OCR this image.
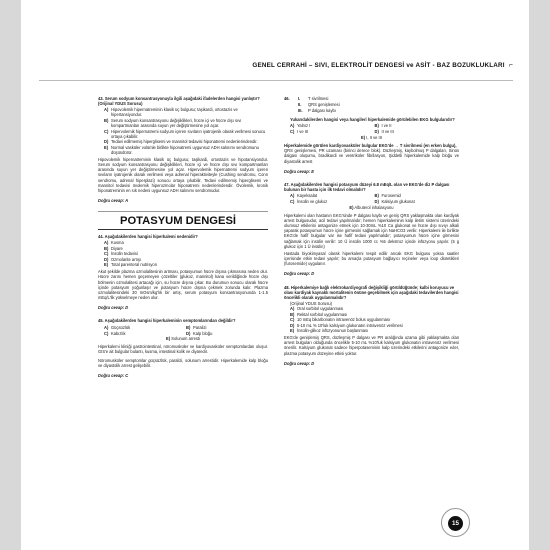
GENEL CERRAHİ – SIVI, ELEKTROLİT DENGESİ ve ASİT - BAZ BOZUKLUKLARI ⌐
43. Serum sodyum konsantrasyonuyla ilgili aşağıdaki ifadelerden hangisi yanlıştır? (Orijinal YDUS Sorusu)
A) Hipovolemik hipernatreminin klasik üç bulgusu; taşikardi, ortostazis ve hipertansiyondur.
B) Serum sodyum konsantrasyonu değişiklikleri, hücre içi ve hücre dışı sıvı kompartmanları arasında suyun yer değiştirmesine yol açar.
C) Hipervolemik hipernatremi sodyum içeren sıvıların iyatrojenik olarak verilmesi sonucu ortaya çıkabilir.
D) Tedavi edilmemiş hiperglisemi ve mannitol tedavisi hiponatremi nedenlerindendir.
E) Normal vasküler volümle birlikte hiponatremi uygunsuz ADH salınımı sendromunu düşündürür.
Hipovolemik hipernatreminin klasik üç bulgusu; taşikardi, ortostazis ve hipotansiyondur. Serum sodyum konsantrasyonu değişiklikleri, hücre içi ve hücre dışı sıvı kompartmanları arasında suyun yer değiştirmesine yol açar. Hipervolemik hipernatremi sodyum içeren sıvıların iyatrojenik olarak verilmesi veya adrenal hiperaktiviteyle (Cushing sendromu, Conn sendromu, adrenal hiperplazi) sonucu ortaya çıkabilir. Tedavi edilmemiş hiperglisemi ve mannitol tedavisi övolemik hiperozmolar hiponatremi nedenlerindendir. Övolemik, kronik hiponatreminin en sık nedeni uygunsuz ADH salınımı sendromudur.
Doğru cevap: A
POTASYUM DENGESİ
44. Aşağıdakilerden hangisi hiperkalemi nedenidir?
A) Kusma
B) Diyare
C) İnsülin tedavisi
D) Ozmolarite artışı
E) Total parenteral nutrisyon
Akut şekilde plazma ozmolalitesinin artması, potasyumun hücre dışına çıkmasına neden olur. Hücre zarını hemen geçemeyen çözeltiler (glukoz, mannitol) kana verildiğinde hücre dışı bölmenin ozmolalitesi artacağı için, su hücre dışına çıkar. Bu durumun sonucu olarak hücre içinde potasyum yoğunlaşır ve potasyum hücre dışına çekmek zorunda kalır. Plazma ozmolalitesindeki 30 mOsm/kg'lık bir artış, serum potasyum konsantrasyonunda 1-1.5 mEq/L'lik yükselmeye neden olur.
Doğru cevap: D
45. Aşağıdakilerden hangisi hiperkaleminin semptomlarından değildir?
A) Güçsüzlük	B) Paralizi
C) Kabızlık	D) Kalp bloğu
E) Solunum arresti
Hiperkalemi kliniği gastrointestinal, nöromusküler ve kardiyovasküler semptomlardan oluşur. GIS'e ait bulgular bulantı, kusma, intestinal kolik ve diyaredir.
Nöromusküler semptomlar güçsüzlük, paralizi, solunum arrestidir. Hiperkalemide kalp bloğu ve diyastolik arrest gelişebilir.
Doğru cevap: C
46.	I. T sivrilmesi
II. QRS genişlemesi
III. P dalgası kaybı
Yukarıdakilerden hangisi veya hangileri hiperkalemide görülebilen EKG bulgularıdır?
A) Yalnız I	B) I ve II
C) I ve III	D) II ve III
E) I, II ve III
Hiperkalemide görülen kardiyovasküler bulgular EKG'de → T sivrilmesi (en erken bulgu),
QRS genişlemesi, PR uzaması (birinci derece blok). Düzleşmiş, kaybolmuş P dalgaları, Sinüs dalgası oluşumu, bradikardi ve ventriküler fibrilasyon, Şiddetli hiperkalemide kalp bloğu ve diyastolik arrest
Doğru cevap: E
47. Aşağıdakilerden hangisi potasyum düzeyi 6.8 mEq/L olan ve EKG'de diz P dalgası bulunan bir hasta için ilk tedavi olmalıdır?
A) Kayeksalat	B) Furosemid
C) İnsülin ve glukoz	D) Kalsiyum glukonat
E) Albuterol inhalasyonu
Hiperkalemi olan hastanın EKG'sinde P dalgası kaybı ve geniş QRS yaklaşmakta olan kardiyak arrest bulgusudur, acil tedavi yapılmalıdır; hemen hiperkaleminin kalp iletim sistemi üzerindeki olumsuz etkilerini antagonize etmek için 10-30mL %10 Ca glukonat ve hücre dışı sıvıyı alkali yaparak potasyumun hücre içine girmesini sağlamak için NaHCO3 verilir. Hiperkalemi ile birlikte EKG'de hafif bulgular var ise hafif tedavi yapılmalıdır; potasyumun hücre içine girmesini sağlamak için insülin verilir: 10 Ü insülin 1000 cc %5 dekstroz içinde infüzyonu yapılır. (5 g glukoz için 1 Ü insülin)
Hastada biyokimyasal olarak hiperkalemi tespit edilir ancak EKG bulgusu yoksa saatler içerisinde etkin tedavi yapılır; bu amaçla potasyum bağlayıcı reçineler veya loop diüretikleri (furosemide) uygulanır.
Doğru cevap: D
48. Hiperkalemiye bağlı elektrokardiyografi değişikliği görüldüğünde; kalbi koruyucu ve olası kardiyak kaynaklı mortalitenin önüne geçebilmek için aşağıdaki tedavilerden hangisi öncelikli olarak uygulanmalıdır?
(Orijinal YDUS Sorusu)
A) Oral sorbitol uygulanması
B) Rektal sorbitol uygulanması
C) 10 mEq bikarbonatın intravenöz bolus uygulanması
D) 5-10 mL % 10'luk kalsiyum glukonatın intravenöz verilmesi
E) İnsülin-glikoz infüzyonunun başlanması
EKG'de genişlemiş QRS, düzleşmiş P dalgası ve PR aralığında uzama gibi yaklaşmakta olan arrest bulguları olduğunda öncelikle 5-10 mL %10'luk kalsiyum glukonatın intravenöz verilmesi önerilir. Kalsiyum glukonat sadece hiperpotaseminin kalp üzerindeki etkilerini antagonize eder, plazma potasyum düzeyine etkisi yoktur.
Doğru cevap: D
15
